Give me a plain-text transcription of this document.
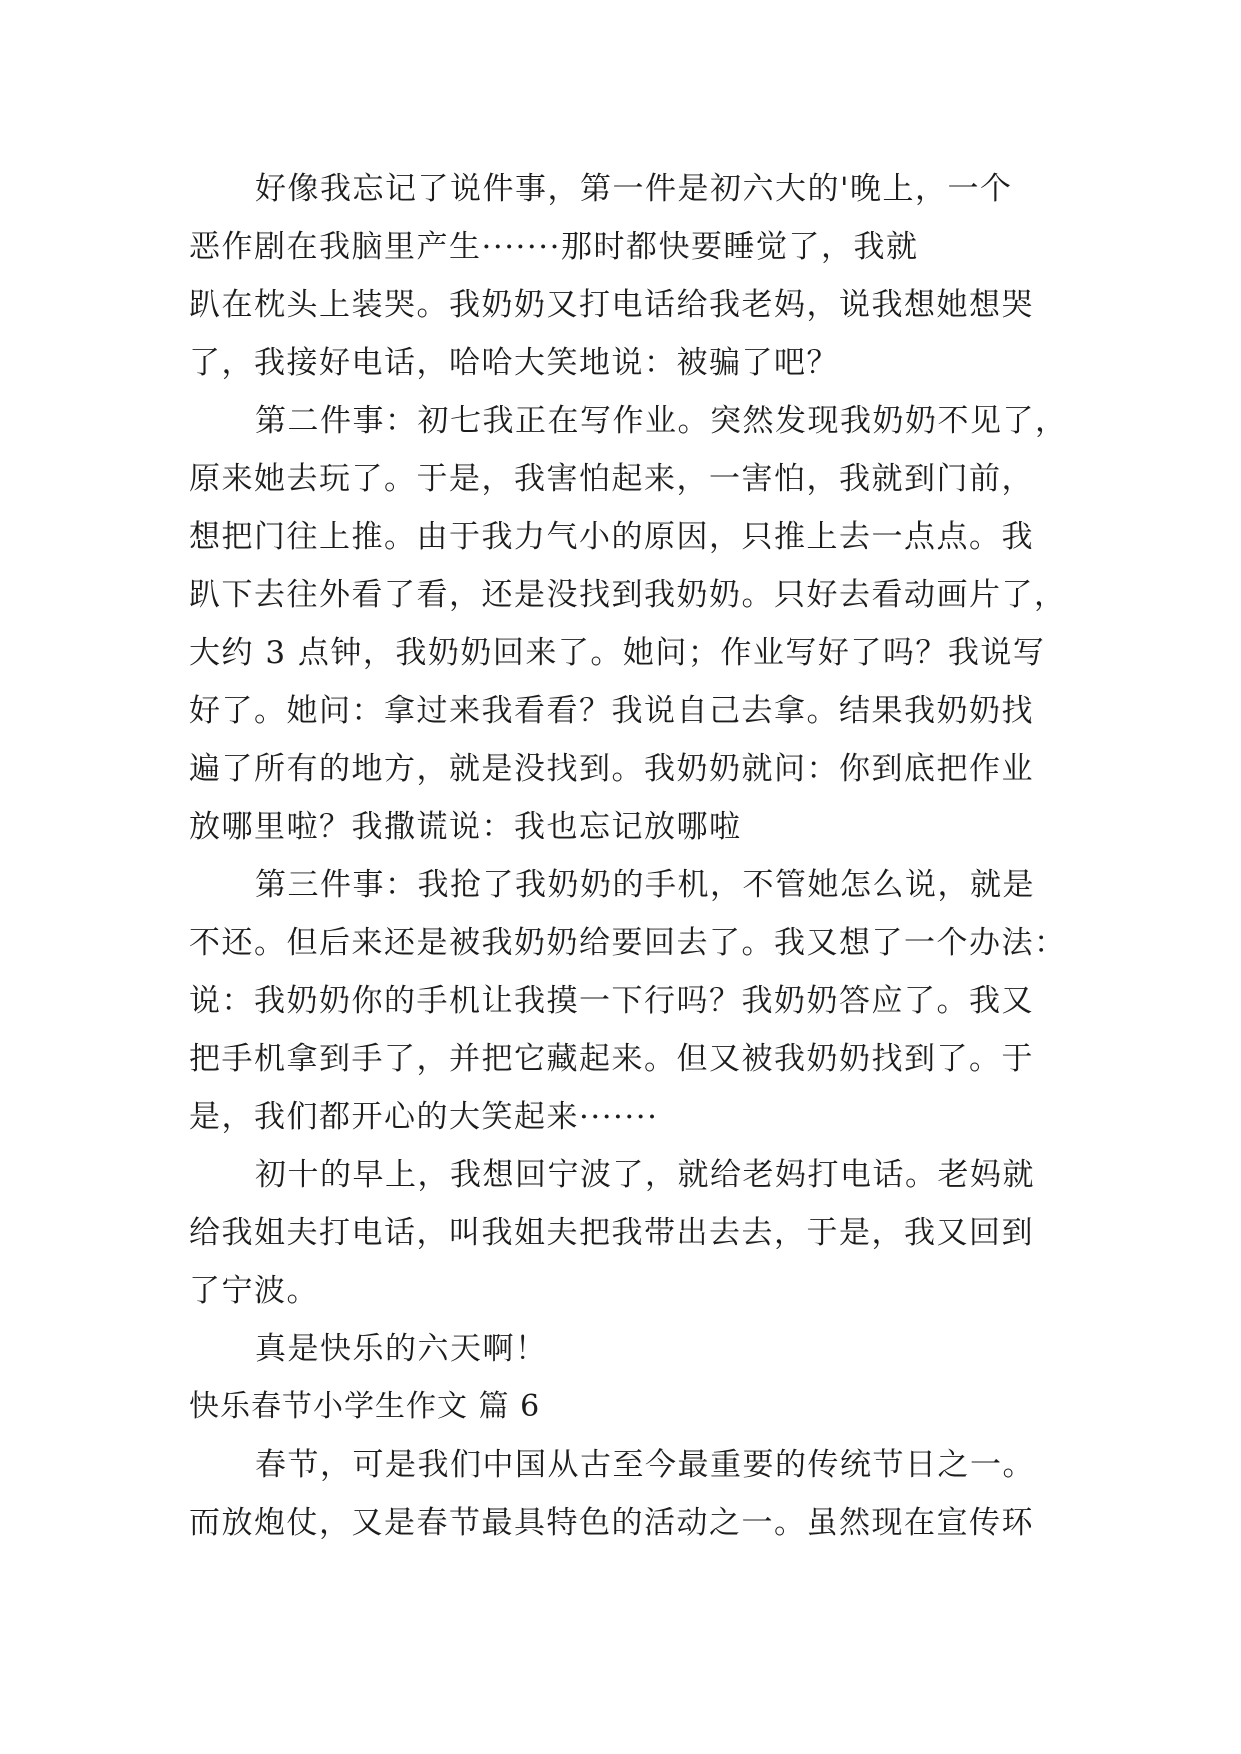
好像我忘记了说件事，第一件是初六大的'晚上，一个
恶作剧在我脑里产生·······那时都快要睡觉了，我就
趴在枕头上装哭。我奶奶又打电话给我老妈，说我想她想哭
了，我接好电话，哈哈大笑地说：被骗了吧？
第二件事：初七我正在写作业。突然发现我奶奶不见了，
原来她去玩了。于是，我害怕起来，一害怕，我就到门前，
想把门往上推。由于我力气小的原因，只推上去一点点。我
趴下去往外看了看，还是没找到我奶奶。只好去看动画片了，
大约 3 点钟，我奶奶回来了。她问；作业写好了吗？我说写
好了。她问：拿过来我看看？我说自己去拿。结果我奶奶找
遍了所有的地方，就是没找到。我奶奶就问：你到底把作业
放哪里啦？我撒谎说：我也忘记放哪啦
第三件事：我抢了我奶奶的手机，不管她怎么说，就是
不还。但后来还是被我奶奶给要回去了。我又想了一个办法：
说：我奶奶你的手机让我摸一下行吗？我奶奶答应了。我又
把手机拿到手了，并把它藏起来。但又被我奶奶找到了。于
是，我们都开心的大笑起来·······
初十的早上，我想回宁波了，就给老妈打电话。老妈就
给我姐夫打电话，叫我姐夫把我带出去去，于是，我又回到
了宁波。
真是快乐的六天啊！
快乐春节小学生作文 篇 6
春节，可是我们中国从古至今最重要的传统节日之一。
而放炮仗，又是春节最具特色的活动之一。虽然现在宣传环
